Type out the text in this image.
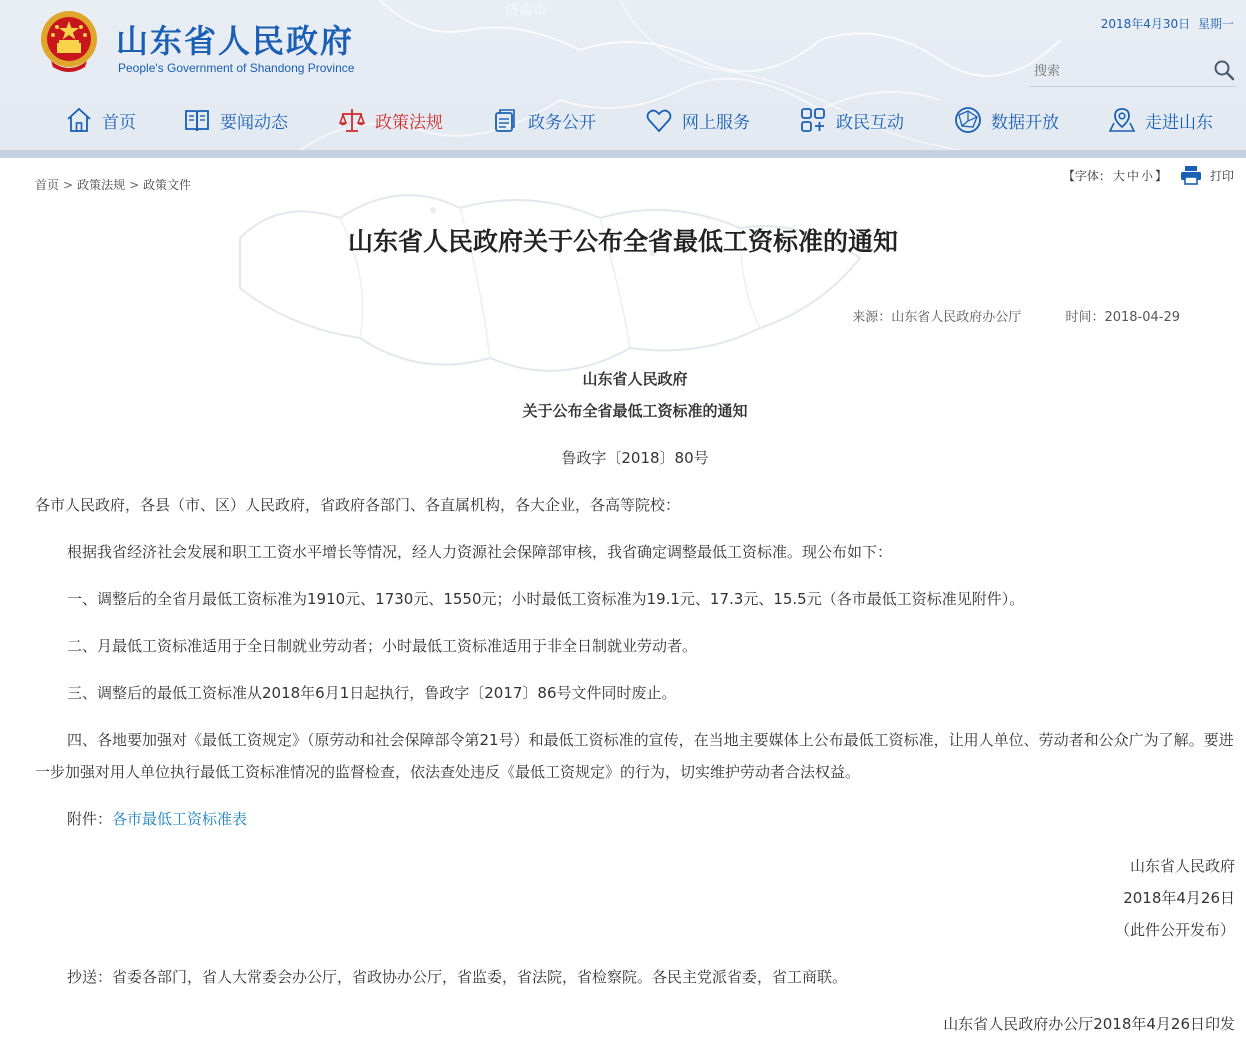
济南市
山东省人民政府
People's Government of Shandong Province
2018年4月30日 星期一
搜索
首页	要闻动态	政策法规	政务公开	网上服务	政民互动	数据开放	走进山东
首页 > 政策法规 > 政策文件
【字体： 大 中 小 】	打印
山东省人民政府关于公布全省最低工资标准的通知
来源：山东省人民政府办公厅	时间：2018-04-29

山东省人民政府

关于公布全省最低工资标准的通知

鲁政字〔2018〕80号

各市人民政府，各县（市、区）人民政府，省政府各部门、各直属机构，各大企业，各高等院校：

根据我省经济社会发展和职工工资水平增长等情况，经人力资源社会保障部审核，我省确定调整最低工资标准。现公布如下：

一、调整后的全省月最低工资标准为1910元、1730元、1550元；小时最低工资标准为19.1元、17.3元、15.5元（各市最低工资标准见附件）。

二、月最低工资标准适用于全日制就业劳动者；小时最低工资标准适用于非全日制就业劳动者。

三、调整后的最低工资标准从2018年6月1日起执行，鲁政字〔2017〕86号文件同时废止。

四、各地要加强对《最低工资规定》（原劳动和社会保障部令第21号）和最低工资标准的宣传，在当地主要媒体上公布最低工资标准，让用人单位、劳动者和公众广为了解。要进一步加强对用人单位执行最低工资标准情况的监督检查，依法查处违反《最低工资规定》的行为，切实维护劳动者合法权益。

附件：各市最低工资标准表

山东省人民政府

2018年4月26日

（此件公开发布）

抄送：省委各部门，省人大常委会办公厅，省政协办公厅，省监委，省法院，省检察院。各民主党派省委，省工商联。

山东省人民政府办公厅2018年4月26日印发
